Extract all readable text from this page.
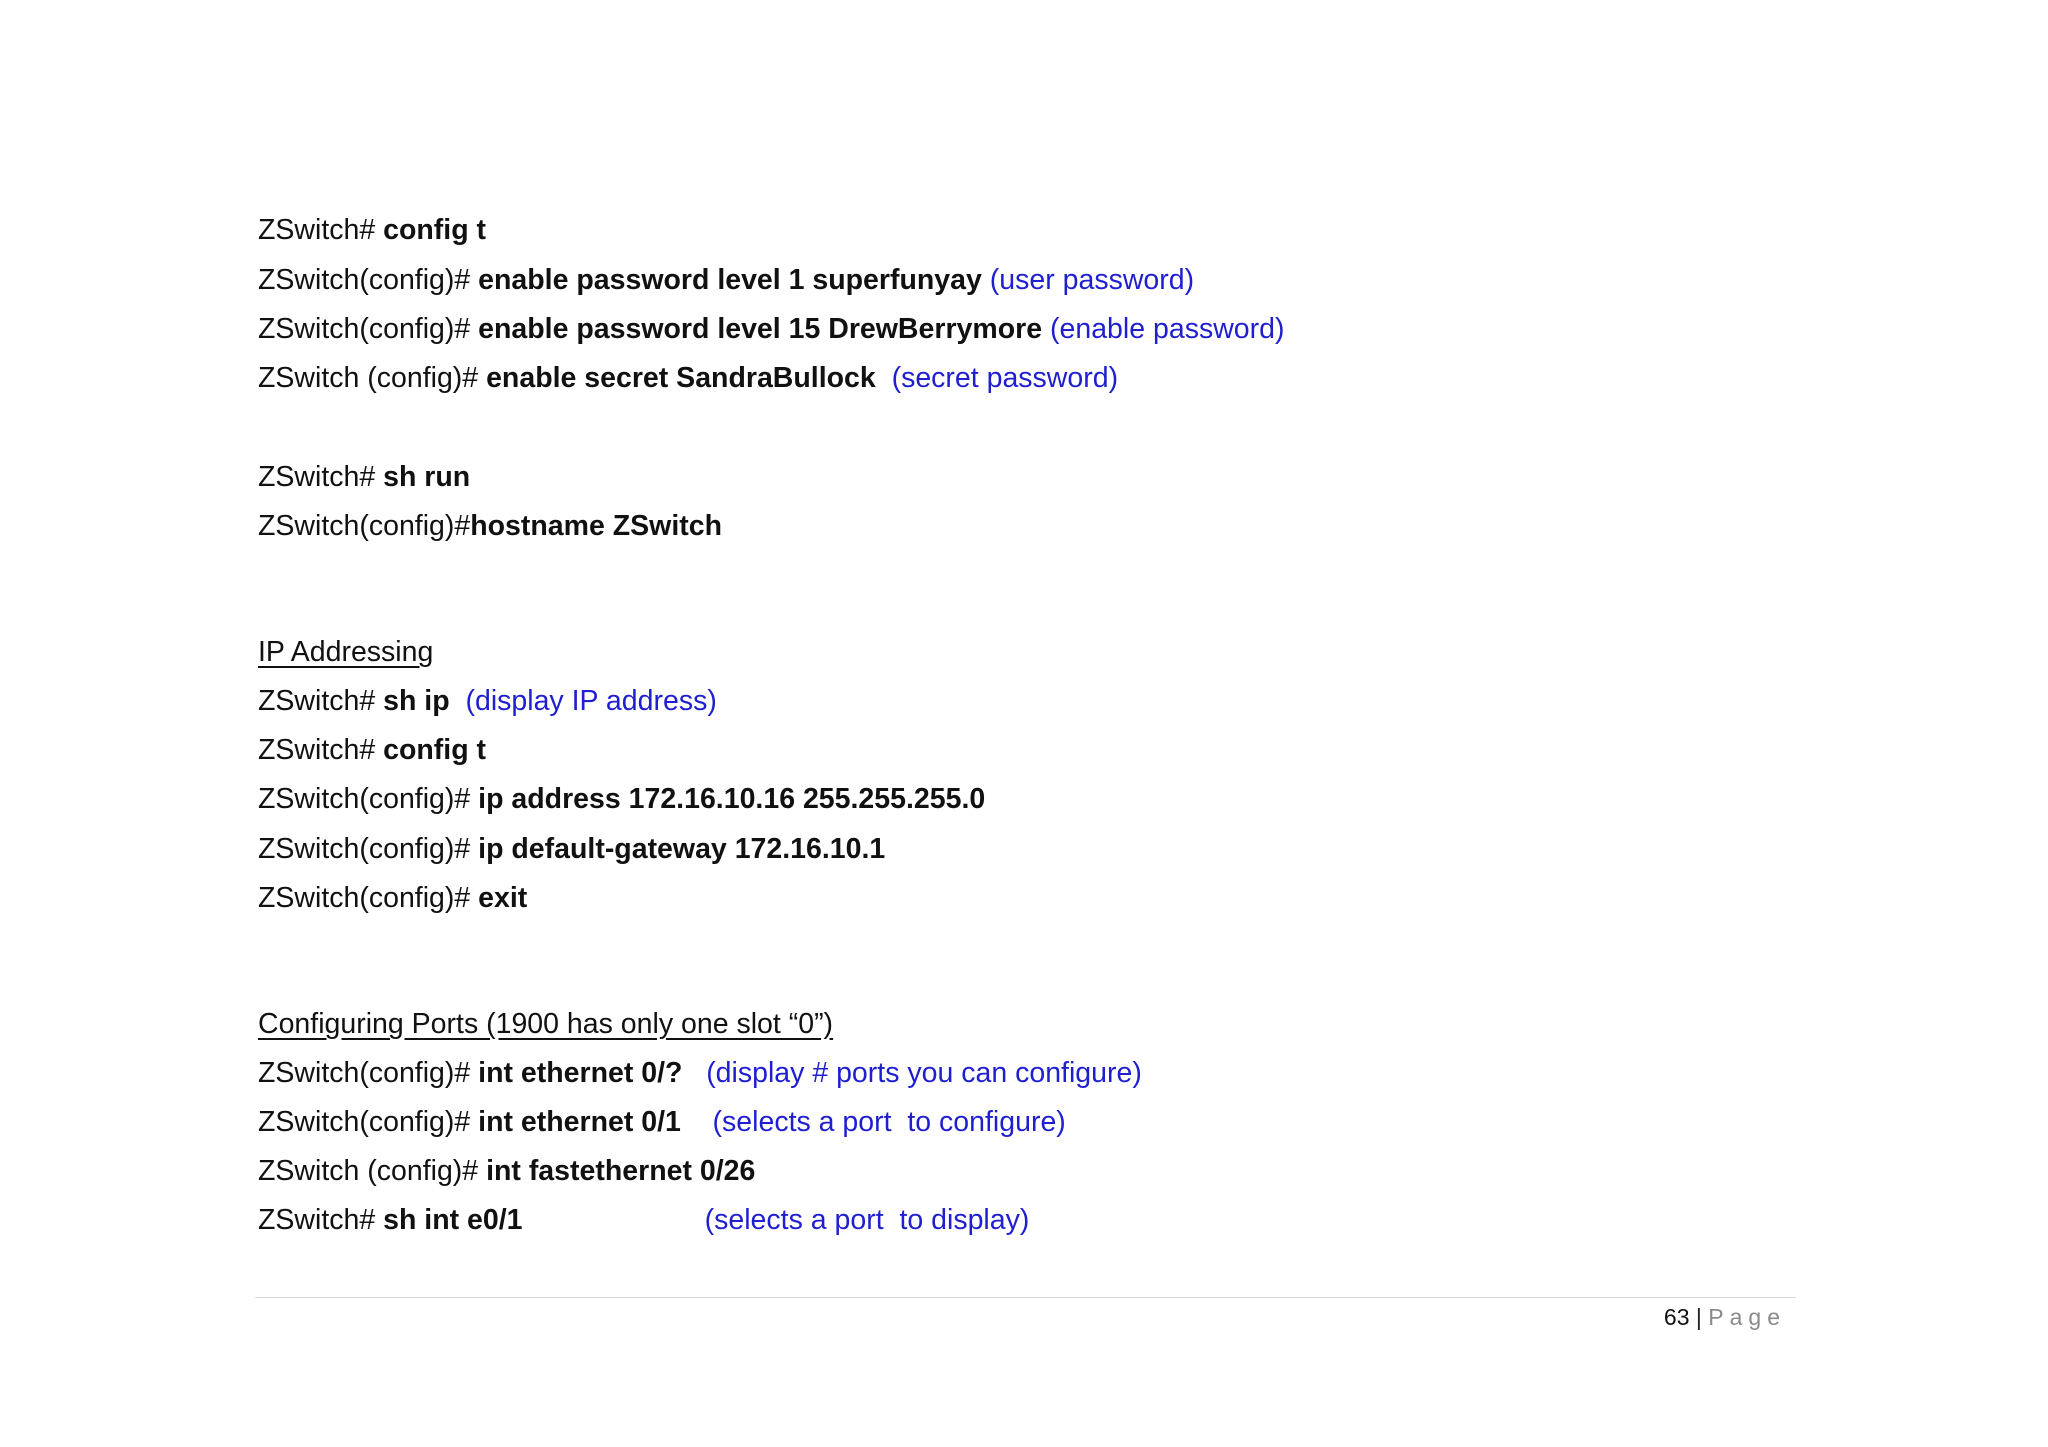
ZSwitch# config t
ZSwitch(config)# enable password level 1 superfunyay (user password)
ZSwitch(config)# enable password level 15 DrewBerrymore (enable password)
ZSwitch (config)# enable secret SandraBullock  (secret password)
ZSwitch# sh run
ZSwitch(config)#hostname ZSwitch
IP Addressing
ZSwitch# sh ip  (display IP address)
ZSwitch# config t
ZSwitch(config)# ip address 172.16.10.16 255.255.255.0
ZSwitch(config)# ip default-gateway 172.16.10.1
ZSwitch(config)# exit
Configuring Ports (1900 has only one slot “0”)
ZSwitch(config)# int ethernet 0/?   (display # ports you can configure)
ZSwitch(config)# int ethernet 0/1    (selects a port  to configure)
ZSwitch (config)# int fastethernet 0/26
ZSwitch# sh int e0/1                       (selects a port  to display)
63 | Page
